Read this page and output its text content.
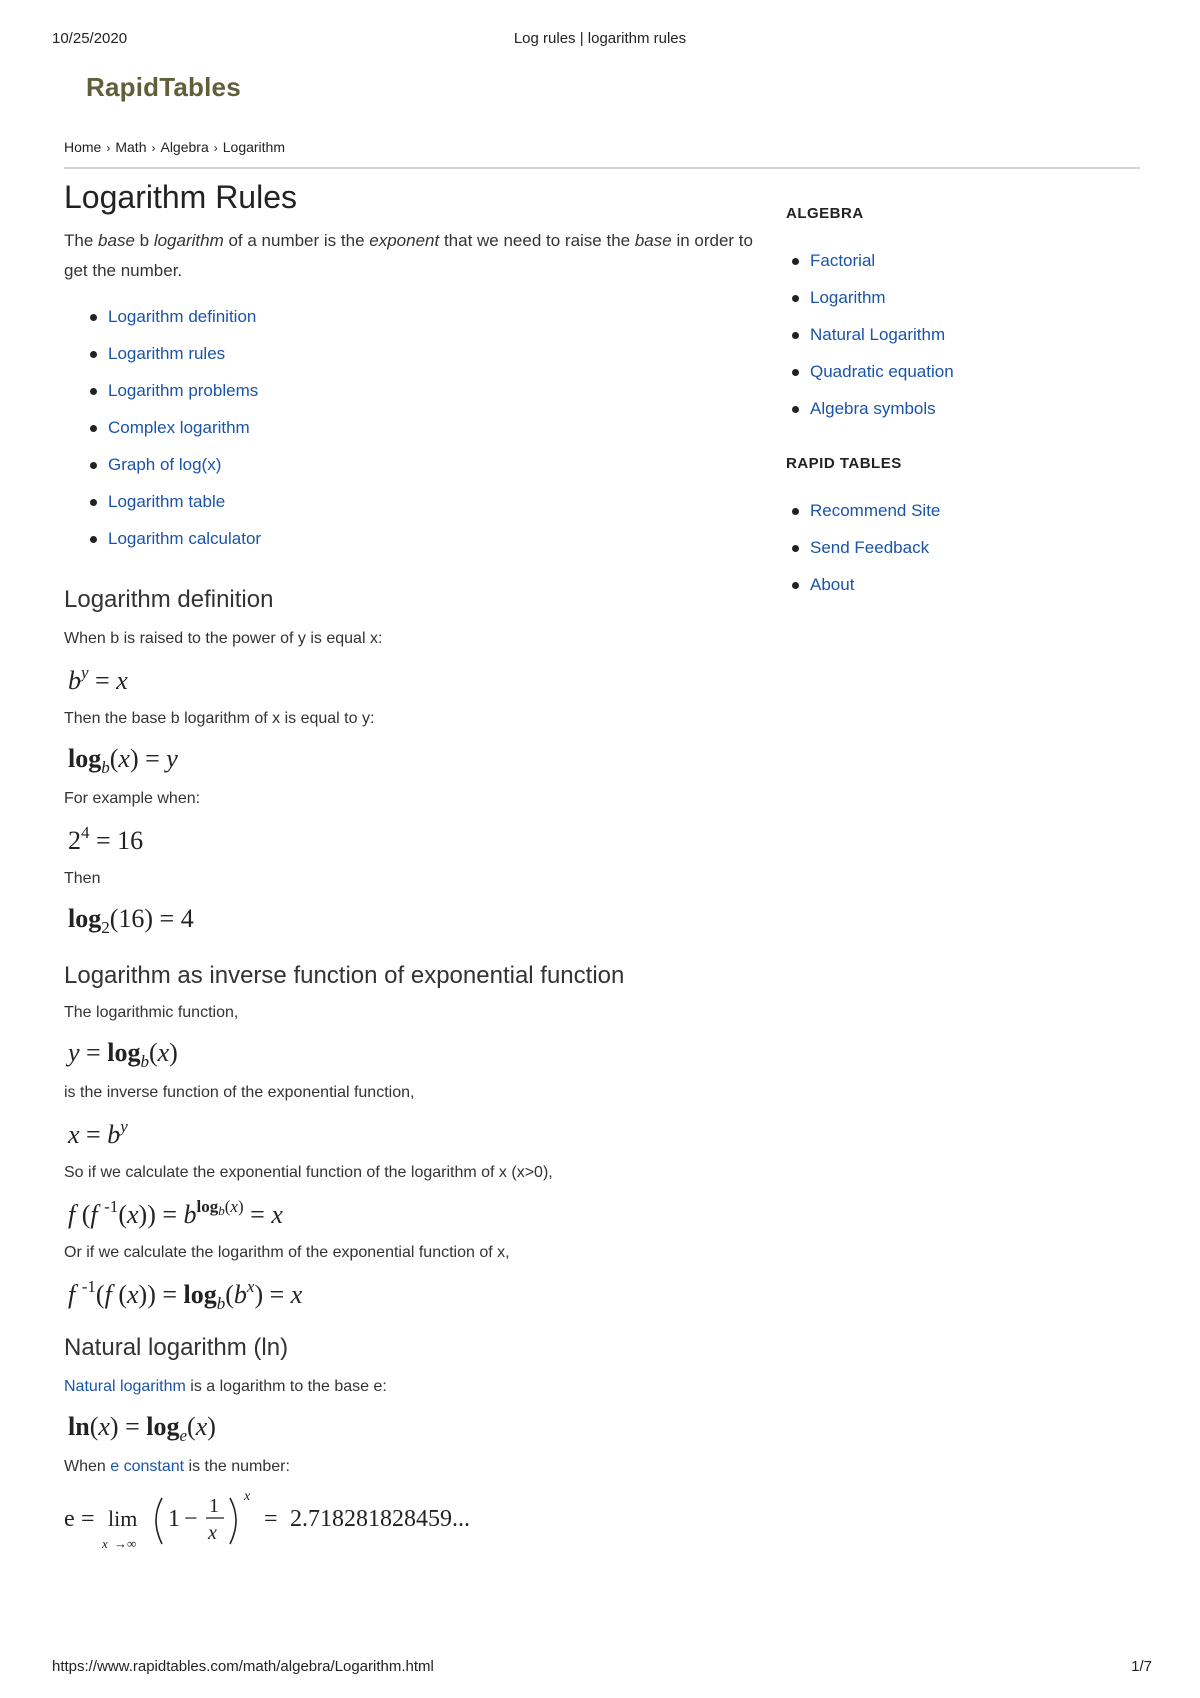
10/25/2020	Log rules | logarithm rules
RapidTables
Home › Math › Algebra › Logarithm
Logarithm Rules

The base b logarithm of a number is the exponent that we need to raise the base in order to get the number.

Logarithm definition
Logarithm rules
Logarithm problems
Complex logarithm
Graph of log(x)
Logarithm table
Logarithm calculator
Logarithm definition

When b is raised to the power of y is equal x:

$b^y = x$

Then the base b logarithm of x is equal to y:

$\log_b(x) = y$

For example when:

$2^4 = 16$

Then

$\log_2(16) = 4$
Logarithm as inverse function of exponential function

The logarithmic function,

$y = \log_b(x)$

is the inverse function of the exponential function,

$x = b^y$

So if we calculate the exponential function of the logarithm of x (x>0),

f (f $^{-1}(x)) = b^{logb(x)} = x$

Or if we calculate the logarithm of the exponential function of x,

f $^{-1}$(f $(x)) = \log_b(b^x) = x$
Natural logarithm (ln)

Natural logarithm is a logarithm to the base e:

$\ln(x) = \log_e(x)$

When e constant is the number:

e = lim
x →∞
1 − 1
x
x
= 2.718281828459...
ALGEBRA
Factorial
Logarithm
Natural Logarithm
Quadratic equation
Algebra symbols
RAPID TABLES
Recommend Site
Send Feedback
About
https://www.rapidtables.com/math/algebra/Logarithm.html	1/7
